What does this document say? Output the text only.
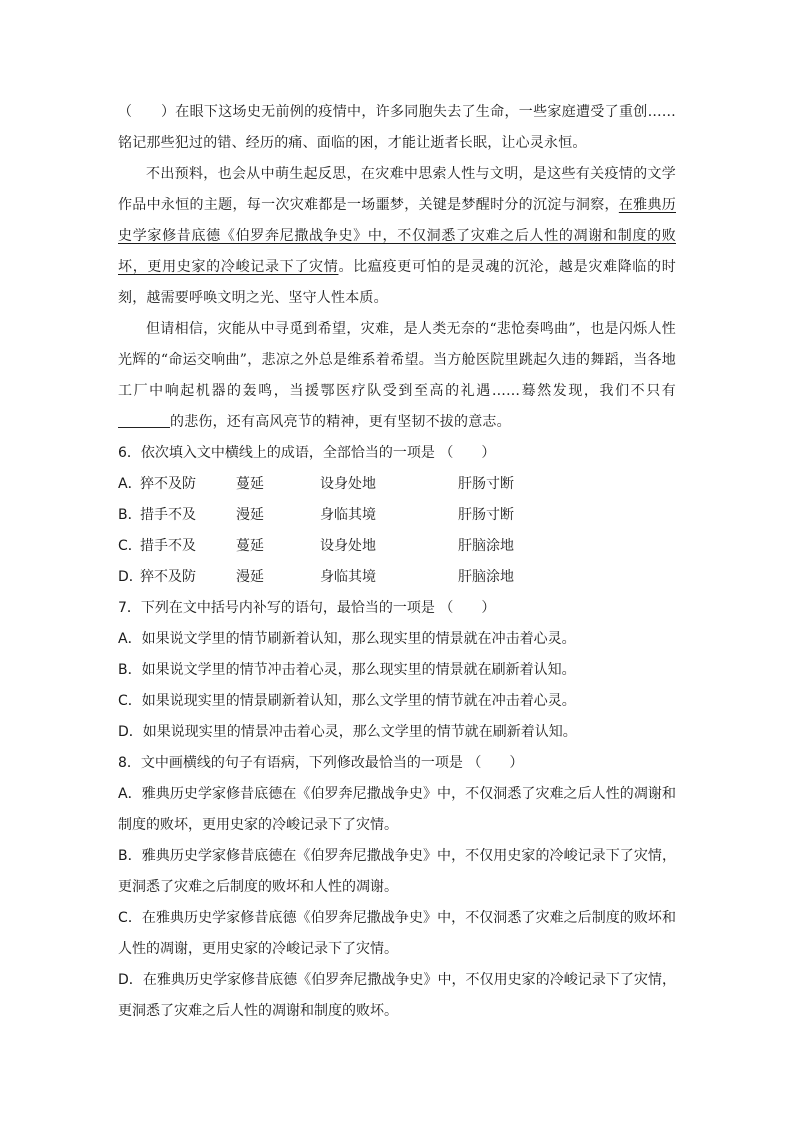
（　　）在眼下这场史无前例的疫情中，许多同胞失去了生命，一些家庭遭受了重创……铭记那些犯过的错、经历的痛、面临的困，才能让逝者长眠，让心灵永恒。

不出预料，也会从中萌生起反思，在灾难中思索人性与文明，是这些有关疫情的文学作品中永恒的主题，每一次灾难都是一场噩梦，关键是梦醒时分的沉淀与洞察，在雅典历史学家修昔底德《伯罗奔尼撒战争史》中，不仅洞悉了灾难之后人性的凋谢和制度的败坏，更用史家的冷峻记录下了灾情。比瘟疫更可怕的是灵魂的沉沦，越是灾难降临的时刻，越需要呼唤文明之光、坚守人性本质。

但请相信，灾能从中寻觅到希望，灾难，是人类无奈的“悲怆奏鸣曲”，也是闪烁人性光辉的“命运交响曲”，悲凉之外总是维系着希望。当方舱医院里跳起久违的舞蹈，当各地工厂中响起机器的轰鸣，当援鄂医疗队受到至高的礼遇……蓦然发现，我们不只有的悲伤，还有高风亮节的精神，更有坚韧不拔的意志。

6．依次填入文中横线上的成语，全部恰当的一项是 （　　）

A．
猝不及防	蔓延	设身处地	肝肠寸断
B．
措手不及	漫延	身临其境	肝肠寸断
C．
措手不及	蔓延	设身处地	肝脑涂地
D．
猝不及防	漫延	身临其境	肝脑涂地

7．下列在文中括号内补写的语句，最恰当的一项是 （　　）

A．如果说文学里的情节刷新着认知，那么现实里的情景就在冲击着心灵。

B．如果说文学里的情节冲击着心灵，那么现实里的情景就在刷新着认知。

C．如果说现实里的情景刷新着认知，那么文学里的情节就在冲击着心灵。

D．如果说现实里的情景冲击着心灵，那么文学里的情节就在刷新着认知。

8．文中画横线的句子有语病，下列修改最恰当的一项是 （　　）

A．雅典历史学家修昔底德在《伯罗奔尼撒战争史》中，不仅洞悉了灾难之后人性的凋谢和制度的败坏，更用史家的冷峻记录下了灾情。

B．雅典历史学家修昔底德在《伯罗奔尼撒战争史》中，不仅用史家的冷峻记录下了灾情，更洞悉了灾难之后制度的败坏和人性的凋谢。

C．在雅典历史学家修昔底德《伯罗奔尼撒战争史》中，不仅洞悉了灾难之后制度的败坏和人性的凋谢，更用史家的冷峻记录下了灾情。

D．在雅典历史学家修昔底德《伯罗奔尼撒战争史》中，不仅用史家的冷峻记录下了灾情，更洞悉了灾难之后人性的凋谢和制度的败坏。
